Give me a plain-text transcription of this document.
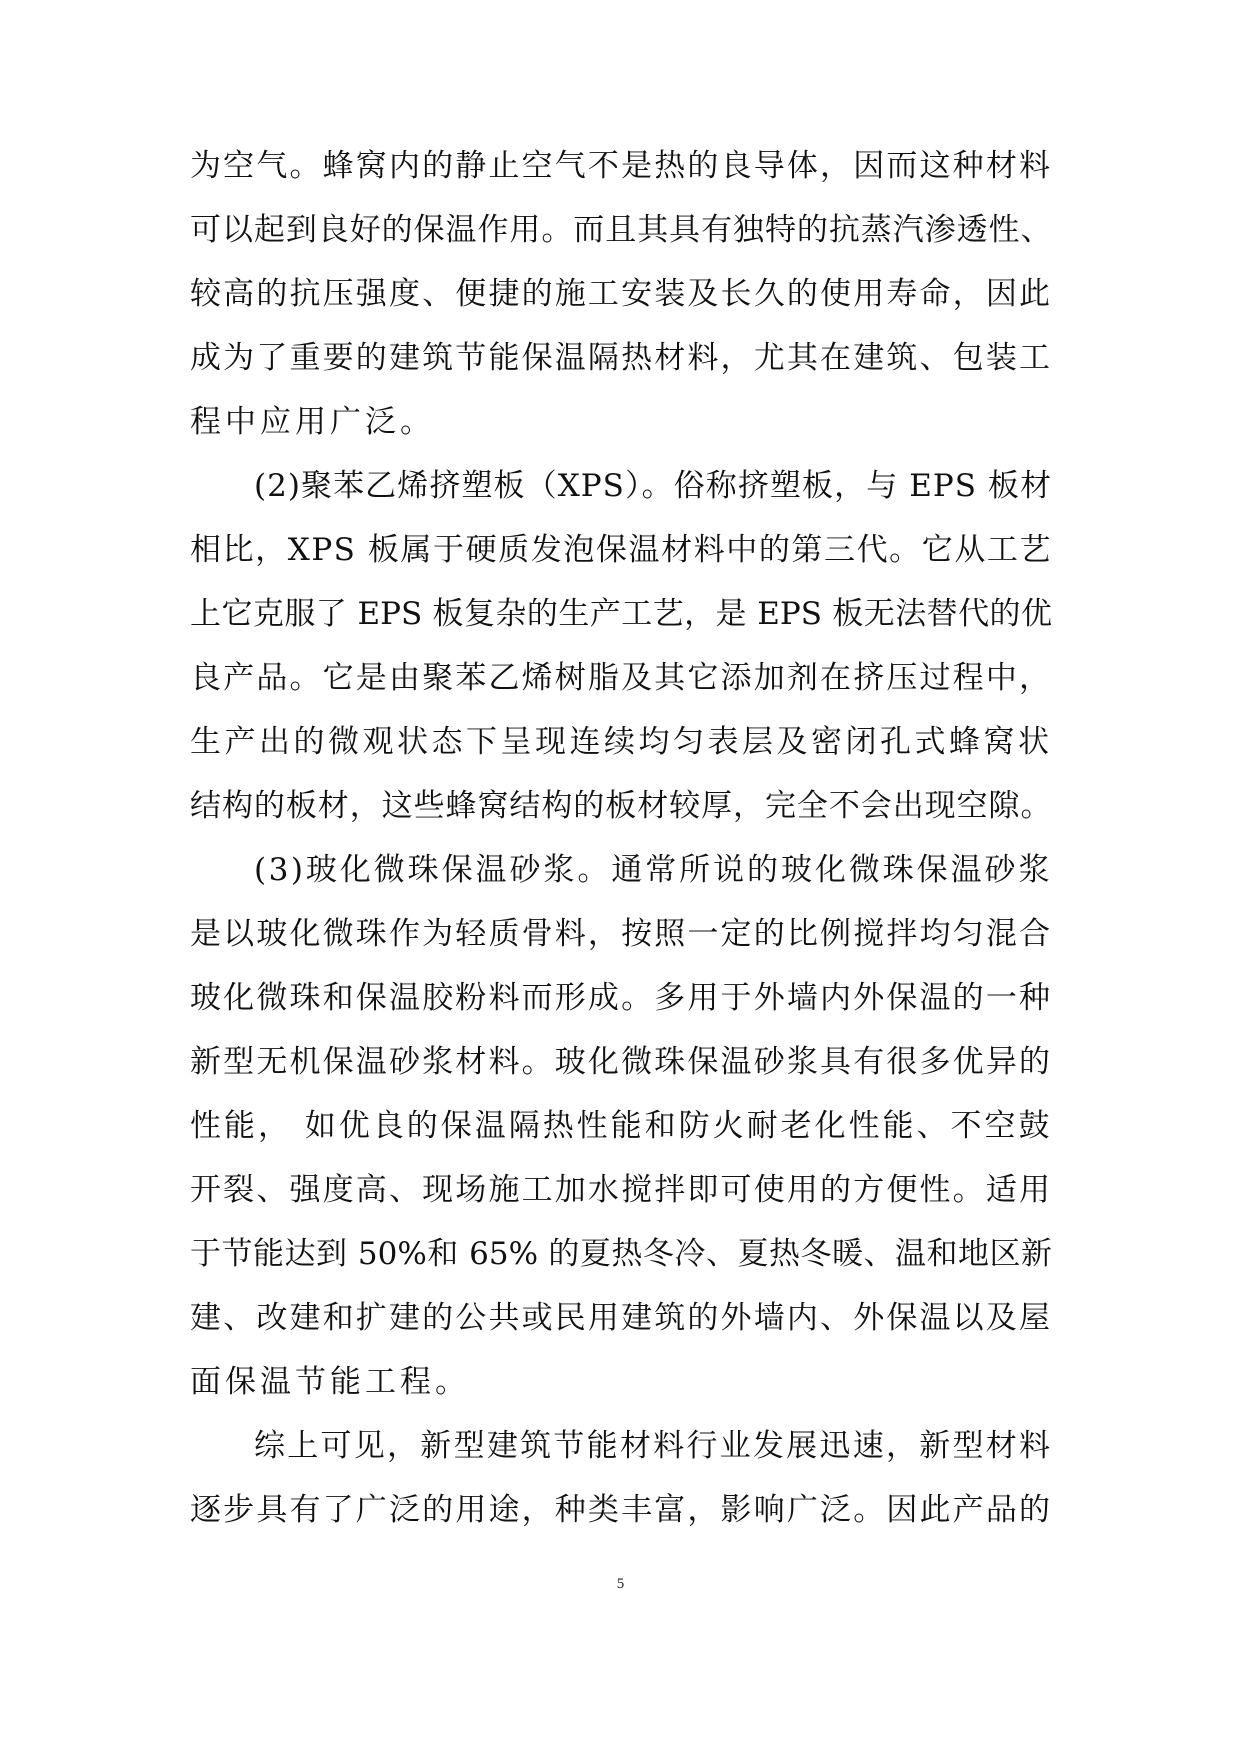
为空气。蜂窝内的静止空气不是热的良导体，因而这种材料
可以起到良好的保温作用。而且其具有独特的抗蒸汽渗透性、
较高的抗压强度、便捷的施工安装及长久的使用寿命，因此
成为了重要的建筑节能保温隔热材料，尤其在建筑、包装工
程中应用广泛。
(2)聚苯乙烯挤塑板（XPS）。俗称挤塑板，与 EPS 板材
相比，XPS 板属于硬质发泡保温材料中的第三代。它从工艺
上它克服了 EPS 板复杂的生产工艺，是 EPS 板无法替代的优
良产品。它是由聚苯乙烯树脂及其它添加剂在挤压过程中，
生产出的微观状态下呈现连续均匀表层及密闭孔式蜂窝状
结构的板材，这些蜂窝结构的板材较厚，完全不会出现空隙。
(3)玻化微珠保温砂浆。通常所说的玻化微珠保温砂浆
是以玻化微珠作为轻质骨料，按照一定的比例搅拌均匀混合
玻化微珠和保温胶粉料而形成。多用于外墙内外保温的一种
新型无机保温砂浆材料。玻化微珠保温砂浆具有很多优异的
性能， 如优良的保温隔热性能和防火耐老化性能、不空鼓
开裂、强度高、现场施工加水搅拌即可使用的方便性。适用
于节能达到 50%和 65% 的夏热冬冷、夏热冬暖、温和地区新
建、改建和扩建的公共或民用建筑的外墙内、外保温以及屋
面保温节能工程。
综上可见，新型建筑节能材料行业发展迅速，新型材料
逐步具有了广泛的用途，种类丰富，影响广泛。因此产品的
5
